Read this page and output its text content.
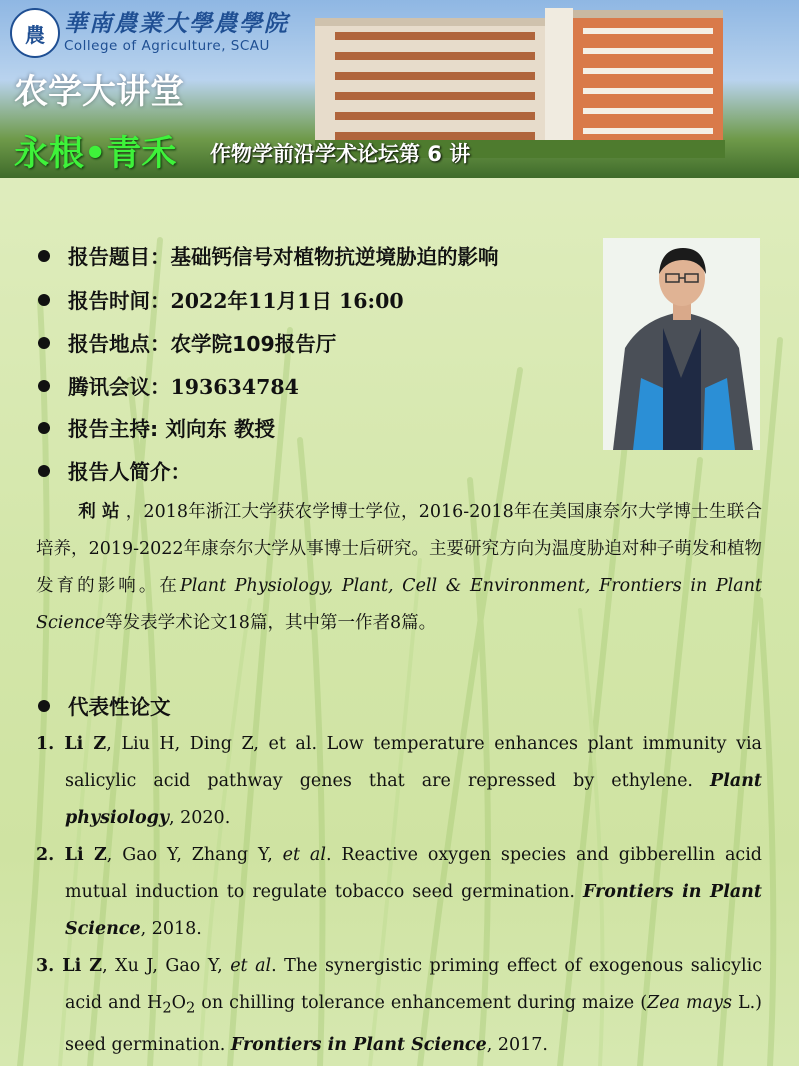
農 華南農業大學農學院
College of Agriculture, SCAU
农学大讲堂
永根•青禾 作物学前沿学术论坛第 6 讲
报告题目：基础钙信号对植物抗逆境胁迫的影响
报告时间：2022年11月1日 16:00
报告地点：农学院109报告厅
腾讯会议：193634784
报告主持: 刘向东 教授
报告人简介：
利站，2018年浙江大学获农学博士学位，2016-2018年在美国康奈尔大学博士生联合培养，2019-2022年康奈尔大学从事博士后研究。主要研究方向为温度胁迫对种子萌发和植物发育的影响。在Plant Physiology, Plant, Cell & Environment, Frontiers in Plant Science等发表学术论文18篇，其中第一作者8篇。
代表性论文
1. Li Z, Liu H, Ding Z, et al. Low temperature enhances plant immunity via salicylic acid pathway genes that are repressed by ethylene. Plant physiology, 2020.
2. Li Z, Gao Y, Zhang Y, et al. Reactive oxygen species and gibberellin acid mutual induction to regulate tobacco seed germination. Frontiers in Plant Science, 2018.
3. Li Z, Xu J, Gao Y, et al. The synergistic priming effect of exogenous salicylic acid and $H_2O_2$ on chilling tolerance enhancement during maize (Zea mays L.) seed germination. Frontiers in Plant Science, 2017.
